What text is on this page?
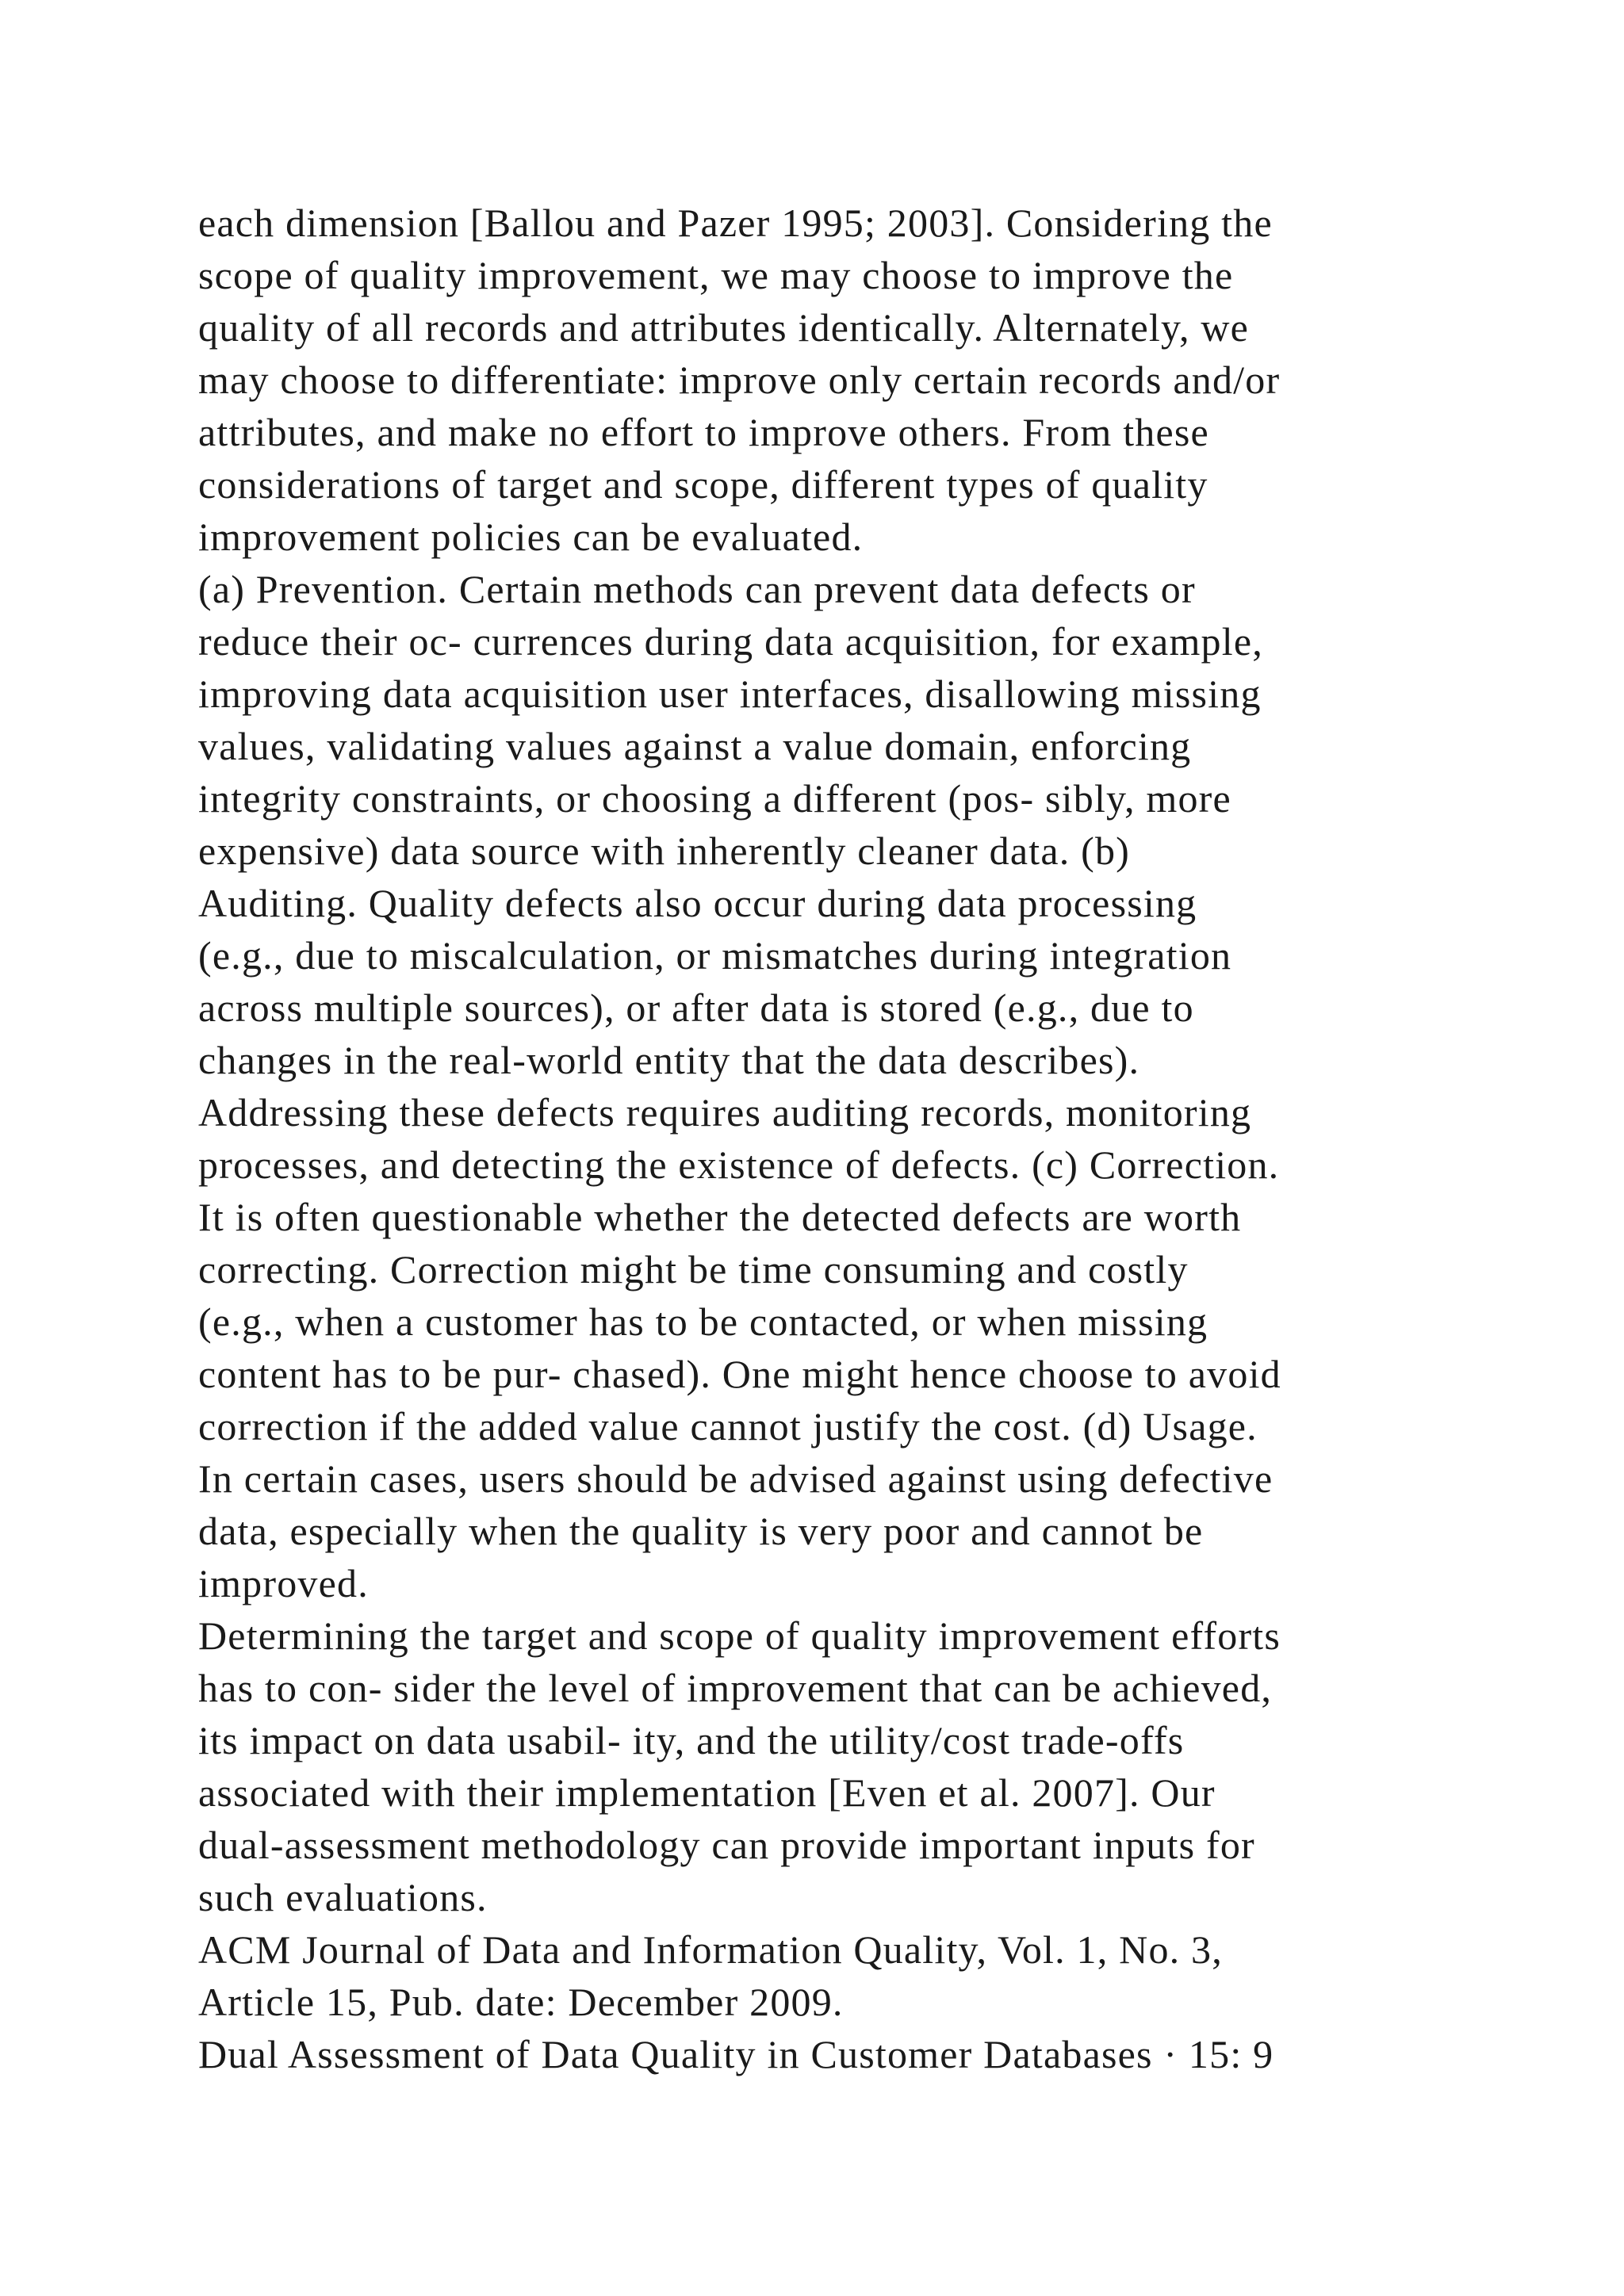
each dimension [Ballou and Pazer 1995; 2003]. Considering the
scope of quality improvement, we may choose to improve the
quality of all records and attributes identically. Alternately, we
may choose to differentiate: improve only certain records and/or
attributes, and make no effort to improve others. From these
considerations of target and scope, different types of quality
improvement policies can be evaluated.
(a) Prevention. Certain methods can prevent data defects or
reduce their oc- currences during data acquisition, for example,
improving data acquisition user interfaces, disallowing missing
values, validating values against a value domain, enforcing
integrity constraints, or choosing a different (pos- sibly, more
expensive) data source with inherently cleaner data. (b)
Auditing. Quality defects also occur during data processing
(e.g., due to miscalculation, or mismatches during integration
across multiple sources), or after data is stored (e.g., due to
changes in the real-world entity that the data describes).
Addressing these defects requires auditing records, monitoring
processes, and detecting the existence of defects. (c) Correction.
It is often questionable whether the detected defects are worth
correcting. Correction might be time consuming and costly
(e.g., when a customer has to be contacted, or when missing
content has to be pur- chased). One might hence choose to avoid
correction if the added value cannot justify the cost. (d) Usage.
In certain cases, users should be advised against using defective
data, especially when the quality is very poor and cannot be
improved.
Determining the target and scope of quality improvement efforts
has to con- sider the level of improvement that can be achieved,
its impact on data usabil- ity, and the utility/cost trade-offs
associated with their implementation [Even et al. 2007]. Our
dual-assessment methodology can provide important inputs for
such evaluations.
ACM Journal of Data and Information Quality, Vol. 1, No. 3,
Article 15, Pub. date: December 2009.
Dual Assessment of Data Quality in Customer Databases · 15: 9
